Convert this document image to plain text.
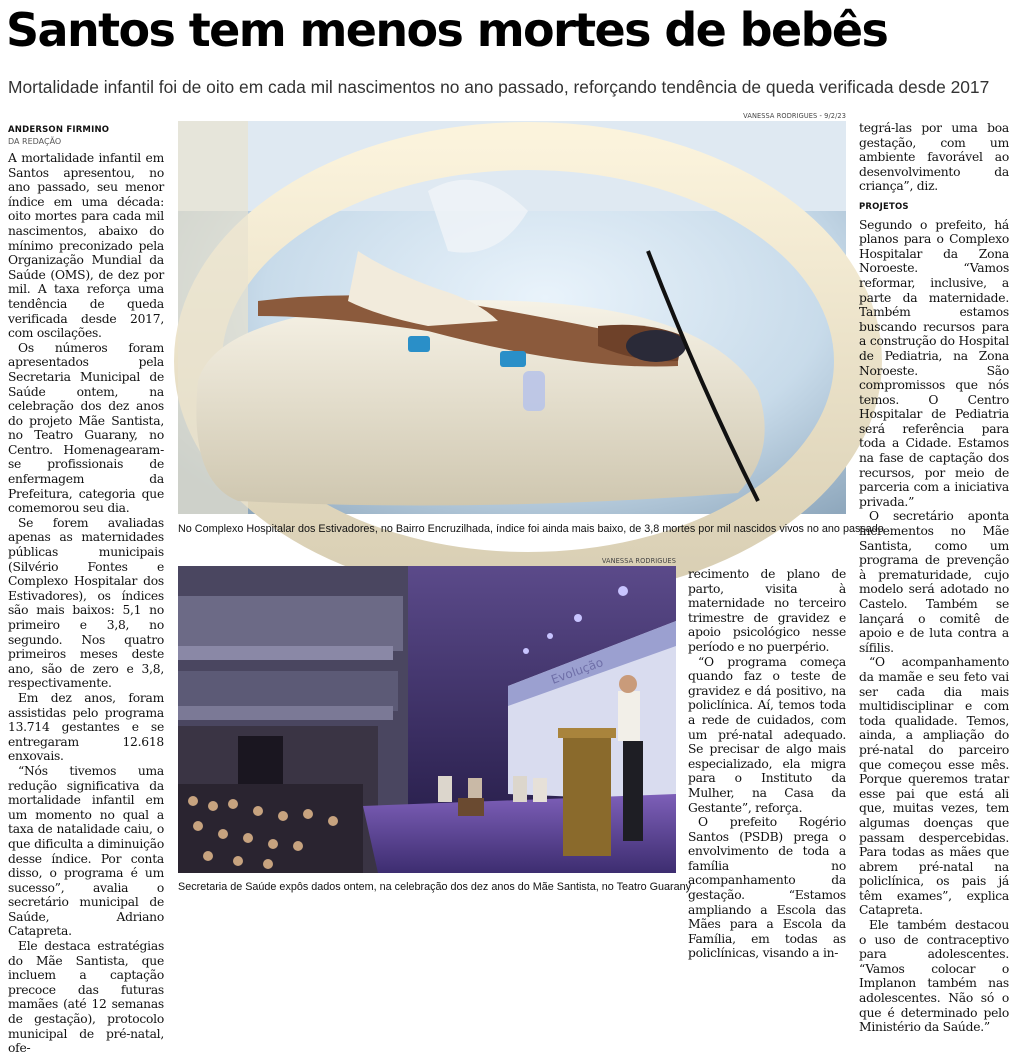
Santos tem menos mortes de bebês

Mortalidade infantil foi de oito em cada mil nascimentos no ano passado, reforçando tendência de queda verificada desde 2017

ANDERSON FIRMINO
DA REDAÇÃO

A mortalidade infantil em Santos apresentou, no ano passado, seu menor índice em uma década: oito mortes para cada mil nascimentos, abaixo do mínimo preconizado pela Organização Mundial da Saúde (OMS), de dez por mil. A taxa reforça uma tendência de queda verificada desde 2017, com oscilações.

Os números foram apresentados pela Secretaria Municipal de Saúde ontem, na celebração dos dez anos do projeto Mãe Santista, no Teatro Guarany, no Centro. Homenagearam-se profissionais de enfermagem da Prefeitura, categoria que comemorou seu dia.

Se forem avaliadas apenas as maternidades públicas municipais (Silvério Fontes e Complexo Hospitalar dos Estivadores), os índices são mais baixos: 5,1 no primeiro e 3,8, no segundo. Nos quatro primeiros meses deste ano, são de zero e 3,8, respectivamente.

Em dez anos, foram assistidas pelo programa 13.714 gestantes e se entregaram 12.618 enxovais.

“Nós tivemos uma redução significativa da mortalidade infantil em um momento no qual a taxa de natalidade caiu, o que dificulta a diminuição desse índice. Por conta disso, o programa é um sucesso”, avalia o secretário municipal de Saúde, Adriano Catapreta.

Ele destaca estratégias do Mãe Santista, que incluem a captação precoce das futuras mamães (até 12 semanas de gestação), protocolo municipal de pré-natal, ofe-

VANESSA RODRIGUES - 9/2/23
No Complexo Hospitalar dos Estivadores, no Bairro Encruzilhada, índice foi ainda mais baixo, de 3,8 mortes por mil nascidos vivos no ano passado
VANESSA RODRIGUES
Evolução
Secretaria de Saúde expôs dados ontem, na celebração dos dez anos do Mãe Santista, no Teatro Guarany

recimento de plano de parto, visita à maternidade no terceiro trimestre de gravidez e apoio psicológico nesse período e no puerpério.

“O programa começa quando faz o teste de gravidez e dá positivo, na policlínica. Aí, temos toda a rede de cuidados, com um pré-natal adequado. Se precisar de algo mais especializado, ela migra para o Instituto da Mulher, na Casa da Gestante”, reforça.

O prefeito Rogério Santos (PSDB) prega o envolvimento de toda a família no acompanhamento da gestação. “Estamos ampliando a Escola das Mães para a Escola da Família, em todas as policlínicas, visando a in-

tegrá-las por uma boa gestação, com um ambiente favorável ao desenvolvimento da criança”, diz.

PROJETOS

Segundo o prefeito, há planos para o Complexo Hospitalar da Zona Noroeste. “Vamos reformar, inclusive, a parte da maternidade. Também estamos buscando recursos para a construção do Hospital de Pediatria, na Zona Noroeste. São compromissos que nós temos. O Centro Hospitalar de Pediatria será referência para toda a Cidade. Estamos na fase de captação dos recursos, por meio de parceria com a iniciativa privada.”

O secretário aponta incrementos no Mãe Santista, como um programa de prevenção à prematuridade, cujo modelo será adotado no Castelo. Também se lançará o comitê de apoio e de luta contra a sífilis.

“O acompanhamento da mamãe e seu feto vai ser cada dia mais multidisciplinar e com toda qualidade. Temos, ainda, a ampliação do pré-natal do parceiro que começou esse mês. Porque queremos tratar esse pai que está ali que, muitas vezes, tem algumas doenças que passam despercebidas. Para todas as mães que abrem pré-natal na policlínica, os pais já têm exames”, explica Catapreta.

Ele também destacou o uso de contraceptivo para adolescentes. “Vamos colocar o Implanon também nas adolescentes. Não só o que é determinado pelo Ministério da Saúde.”
